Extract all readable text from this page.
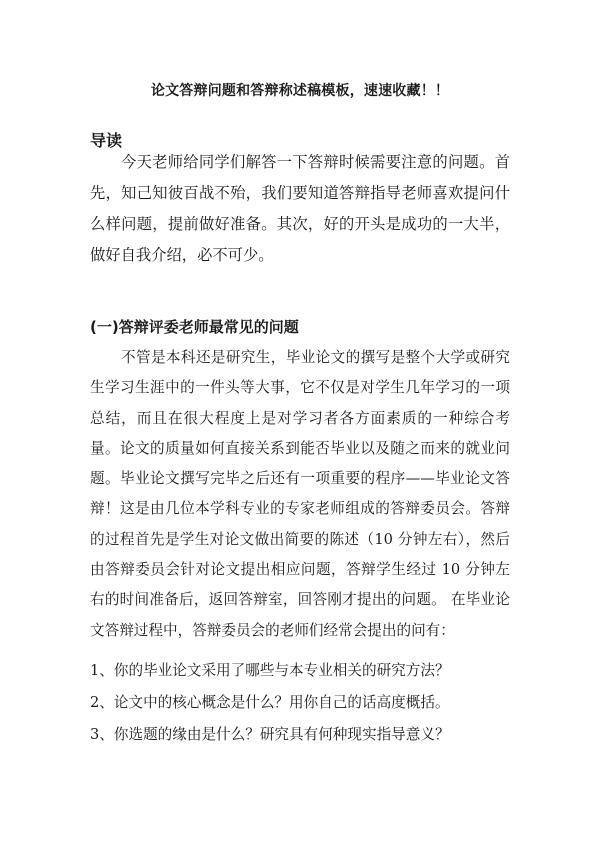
论文答辩问题和答辩称述稿模板，速速收藏！！
导读

今天老师给同学们解答一下答辩时候需要注意的问题。首先，知己知彼百战不殆，我们要知道答辩指导老师喜欢提问什么样问题，提前做好准备。其次，好的开头是成功的一大半，做好自我介绍，必不可少。

(一)答辩评委老师最常见的问题

不管是本科还是研究生，毕业论文的撰写是整个大学或研究生学习生涯中的一件头等大事，它不仅是对学生几年学习的一项总结，而且在很大程度上是对学习者各方面素质的一种综合考量。论文的质量如何直接关系到能否毕业以及随之而来的就业问题。毕业论文撰写完毕之后还有一项重要的程序——毕业论文答辩！这是由几位本学科专业的专家老师组成的答辩委员会。答辩的过程首先是学生对论文做出简要的陈述（10 分钟左右），然后由答辩委员会针对论文提出相应问题，答辩学生经过 10 分钟左右的时间准备后，返回答辩室，回答刚才提出的问题。 在毕业论文答辩过程中，答辩委员会的老师们经常会提出的问有：

1、你的毕业论文采用了哪些与本专业相关的研究方法？
2、论文中的核心概念是什么？用你自己的话高度概括。
3、你选题的缘由是什么？研究具有何种现实指导意义？
